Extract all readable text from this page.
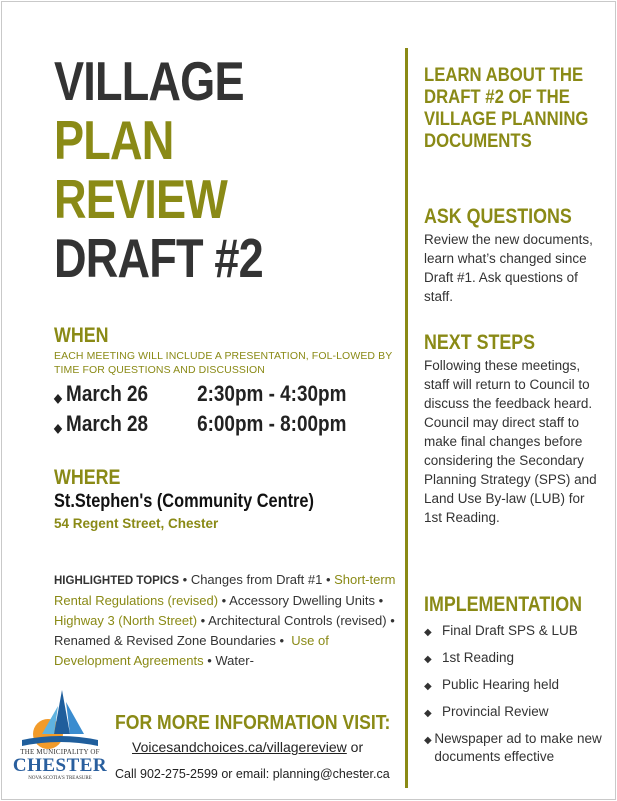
VILLAGE
PLAN
REVIEW
DRAFT #2
WHEN
EACH MEETING WILL INCLUDE A PRESENTATION, FOL-LOWED BY TIME FOR QUESTIONS AND DISCUSSION
◆ March 26	2:30pm - 4:30pm
◆ March 28	6:00pm - 8:00pm
WHERE
St.Stephen's (Community Centre)
54 Regent Street, Chester
HIGHLIGHTED TOPICS • Changes from Draft #1 • Short-term Rental Regulations (revised) • Accessory Dwelling Units • Highway 3 (North Street) • Architectural Controls (revised) • Renamed & Revised Zone Boundaries •  Use of Development Agreements • Water-
LEARN ABOUT THE DRAFT #2 OF THE VILLAGE PLANNING DOCUMENTS
ASK QUESTIONS
Review the new documents, learn what’s changed since Draft #1. Ask questions of staff.
NEXT STEPS
Following these meetings, staff will return to Council to discuss the feedback heard. Council may direct staff to make final changes before considering the Secondary Planning Strategy (SPS) and Land Use By-law (LUB) for 1st Reading.
IMPLEMENTATION
◆ Final Draft SPS & LUB
◆ 1st Reading
◆ Public Hearing held
◆ Provincial Review
◆ Newspaper ad to make new documents effective
THE MUNICIPALITY OF
CHESTER
NOVA SCOTIA'S TREASURE
FOR MORE INFORMATION VISIT:
Voicesandchoices.ca/villagereview or
Call 902-275-2599 or email: planning@chester.ca
